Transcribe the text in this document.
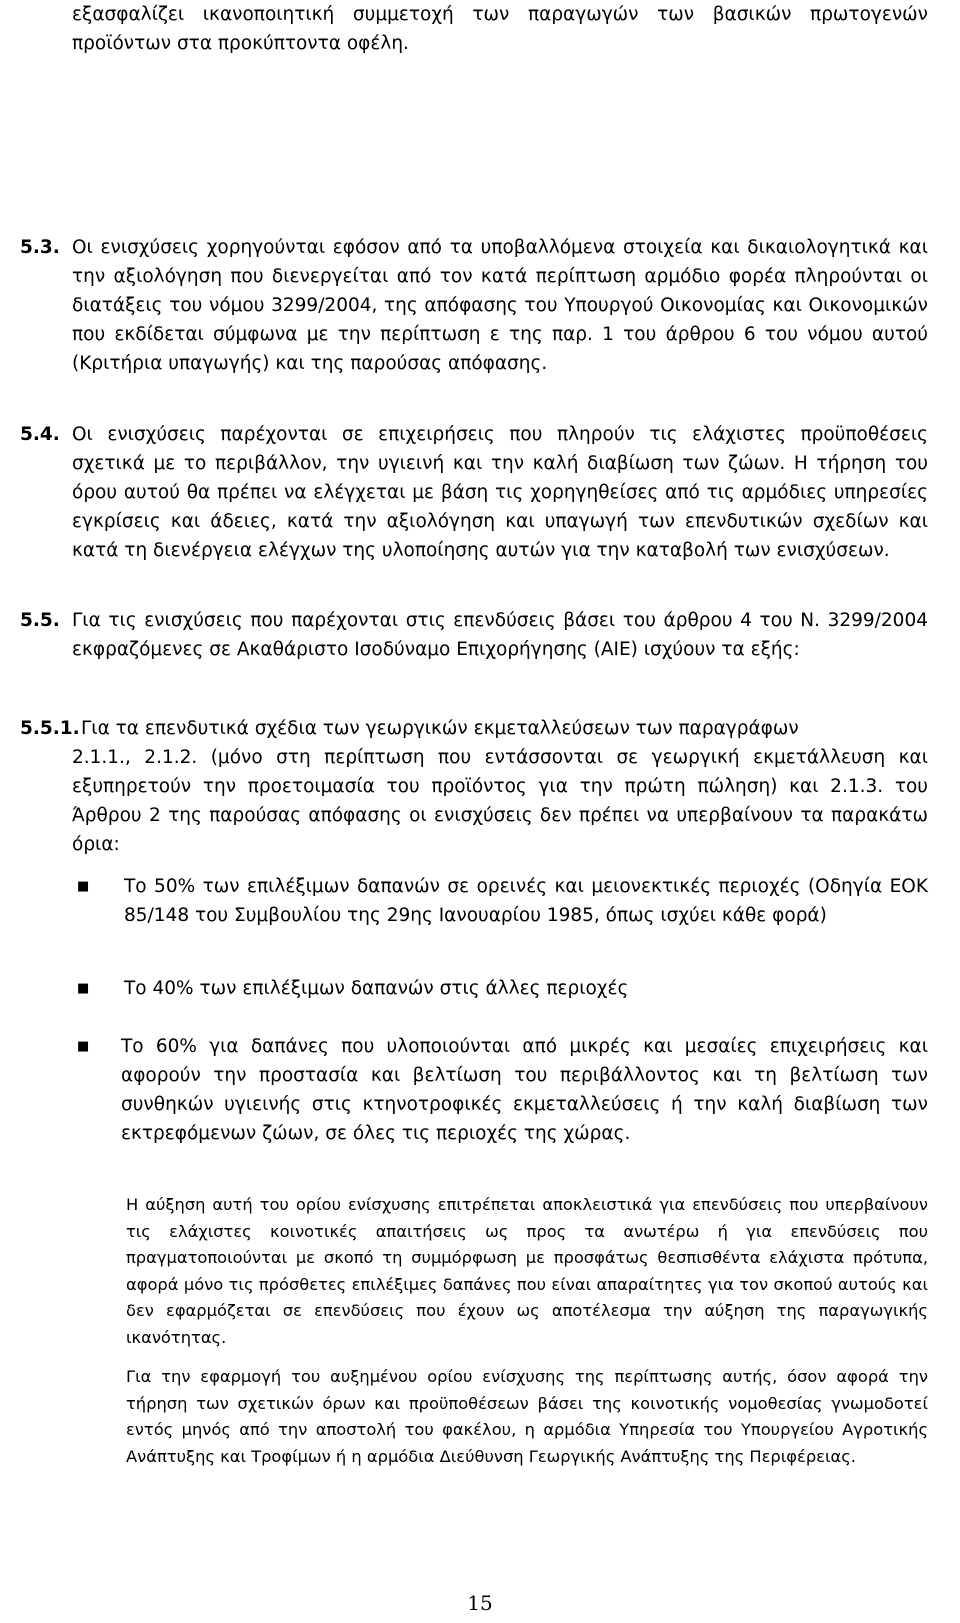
εξασφαλίζει ικανοποιητική συμμετοχή των παραγωγών των βασικών πρωτογενών προϊόντων στα προκύπτοντα οφέλη.

5.3. Οι ενισχύσεις χορηγούνται εφόσον από τα υποβαλλόμενα στοιχεία και δικαιολογητικά και την αξιολόγηση που διενεργείται από τον κατά περίπτωση αρμόδιο φορέα πληρούνται οι διατάξεις του νόμου 3299/2004, της απόφασης του Υπουργού Οικονομίας και Οικονομικών που εκδίδεται σύμφωνα με την περίπτωση ε της παρ. 1 του άρθρου 6 του νόμου αυτού (Κριτήρια υπαγωγής) και της παρούσας απόφασης.

5.4. Οι ενισχύσεις παρέχονται σε επιχειρήσεις που πληρούν τις ελάχιστες προϋποθέσεις σχετικά με το περιβάλλον, την υγιεινή και την καλή διαβίωση των ζώων. Η τήρηση του όρου αυτού θα πρέπει να ελέγχεται με βάση τις χορηγηθείσες από τις αρμόδιες υπηρεσίες εγκρίσεις και άδειες, κατά την αξιολόγηση και υπαγωγή των επενδυτικών σχεδίων και κατά τη διενέργεια ελέγχων της υλοποίησης αυτών για την καταβολή των ενισχύσεων.

5.5. Για τις ενισχύσεις που παρέχονται στις επενδύσεις βάσει του άρθρου 4 του Ν. 3299/2004 εκφραζόμενες σε Ακαθάριστο Ισοδύναμο Επιχορήγησης (ΑΙΕ) ισχύουν τα εξής:

5.5.1. Για τα επενδυτικά σχέδια των γεωργικών εκμεταλλεύσεων των παραγράφων

2.1.1., 2.1.2. (μόνο στη περίπτωση που εντάσσονται σε γεωργική εκμετάλλευση και εξυπηρετούν την προετοιμασία του προϊόντος για την πρώτη πώληση) και 2.1.3. του Άρθρου 2 της παρούσας απόφασης οι ενισχύσεις δεν πρέπει να υπερβαίνουν τα παρακάτω όρια:

■ Το 50% των επιλέξιμων δαπανών σε ορεινές και μειονεκτικές περιοχές (Οδηγία ΕΟΚ 85/148 του Συμβουλίου της 29ης Ιανουαρίου 1985, όπως ισχύει κάθε φορά)

■ Το 40% των επιλέξιμων δαπανών στις άλλες περιοχές

■ Το 60% για δαπάνες που υλοποιούνται από μικρές και μεσαίες επιχειρήσεις και αφορούν την προστασία και βελτίωση του περιβάλλοντος και τη βελτίωση των συνθηκών υγιεινής στις κτηνοτροφικές εκμεταλλεύσεις ή την καλή διαβίωση των εκτρεφόμενων ζώων, σε όλες τις περιοχές της χώρας.

Η αύξηση αυτή του ορίου ενίσχυσης επιτρέπεται αποκλειστικά για επενδύσεις που υπερβαίνουν τις ελάχιστες κοινοτικές απαιτήσεις ως προς τα ανωτέρω ή για επενδύσεις που πραγματοποιούνται με σκοπό τη συμμόρφωση με προσφάτως θεσπισθέντα ελάχιστα πρότυπα, αφορά μόνο τις πρόσθετες επιλέξιμες δαπάνες που είναι απαραίτητες για τον σκοπού αυτούς και δεν εφαρμόζεται σε επενδύσεις που έχουν ως αποτέλεσμα την αύξηση της παραγωγικής ικανότητας.

Για την εφαρμογή του αυξημένου ορίου ενίσχυσης της περίπτωσης αυτής, όσον αφορά την τήρηση των σχετικών όρων και προϋποθέσεων βάσει της κοινοτικής νομοθεσίας γνωμοδοτεί εντός μηνός από την αποστολή του φακέλου, η αρμόδια Υπηρεσία του Υπουργείου Αγροτικής Ανάπτυξης και Τροφίμων ή η αρμόδια Διεύθυνση Γεωργικής Ανάπτυξης της Περιφέρειας.

15
